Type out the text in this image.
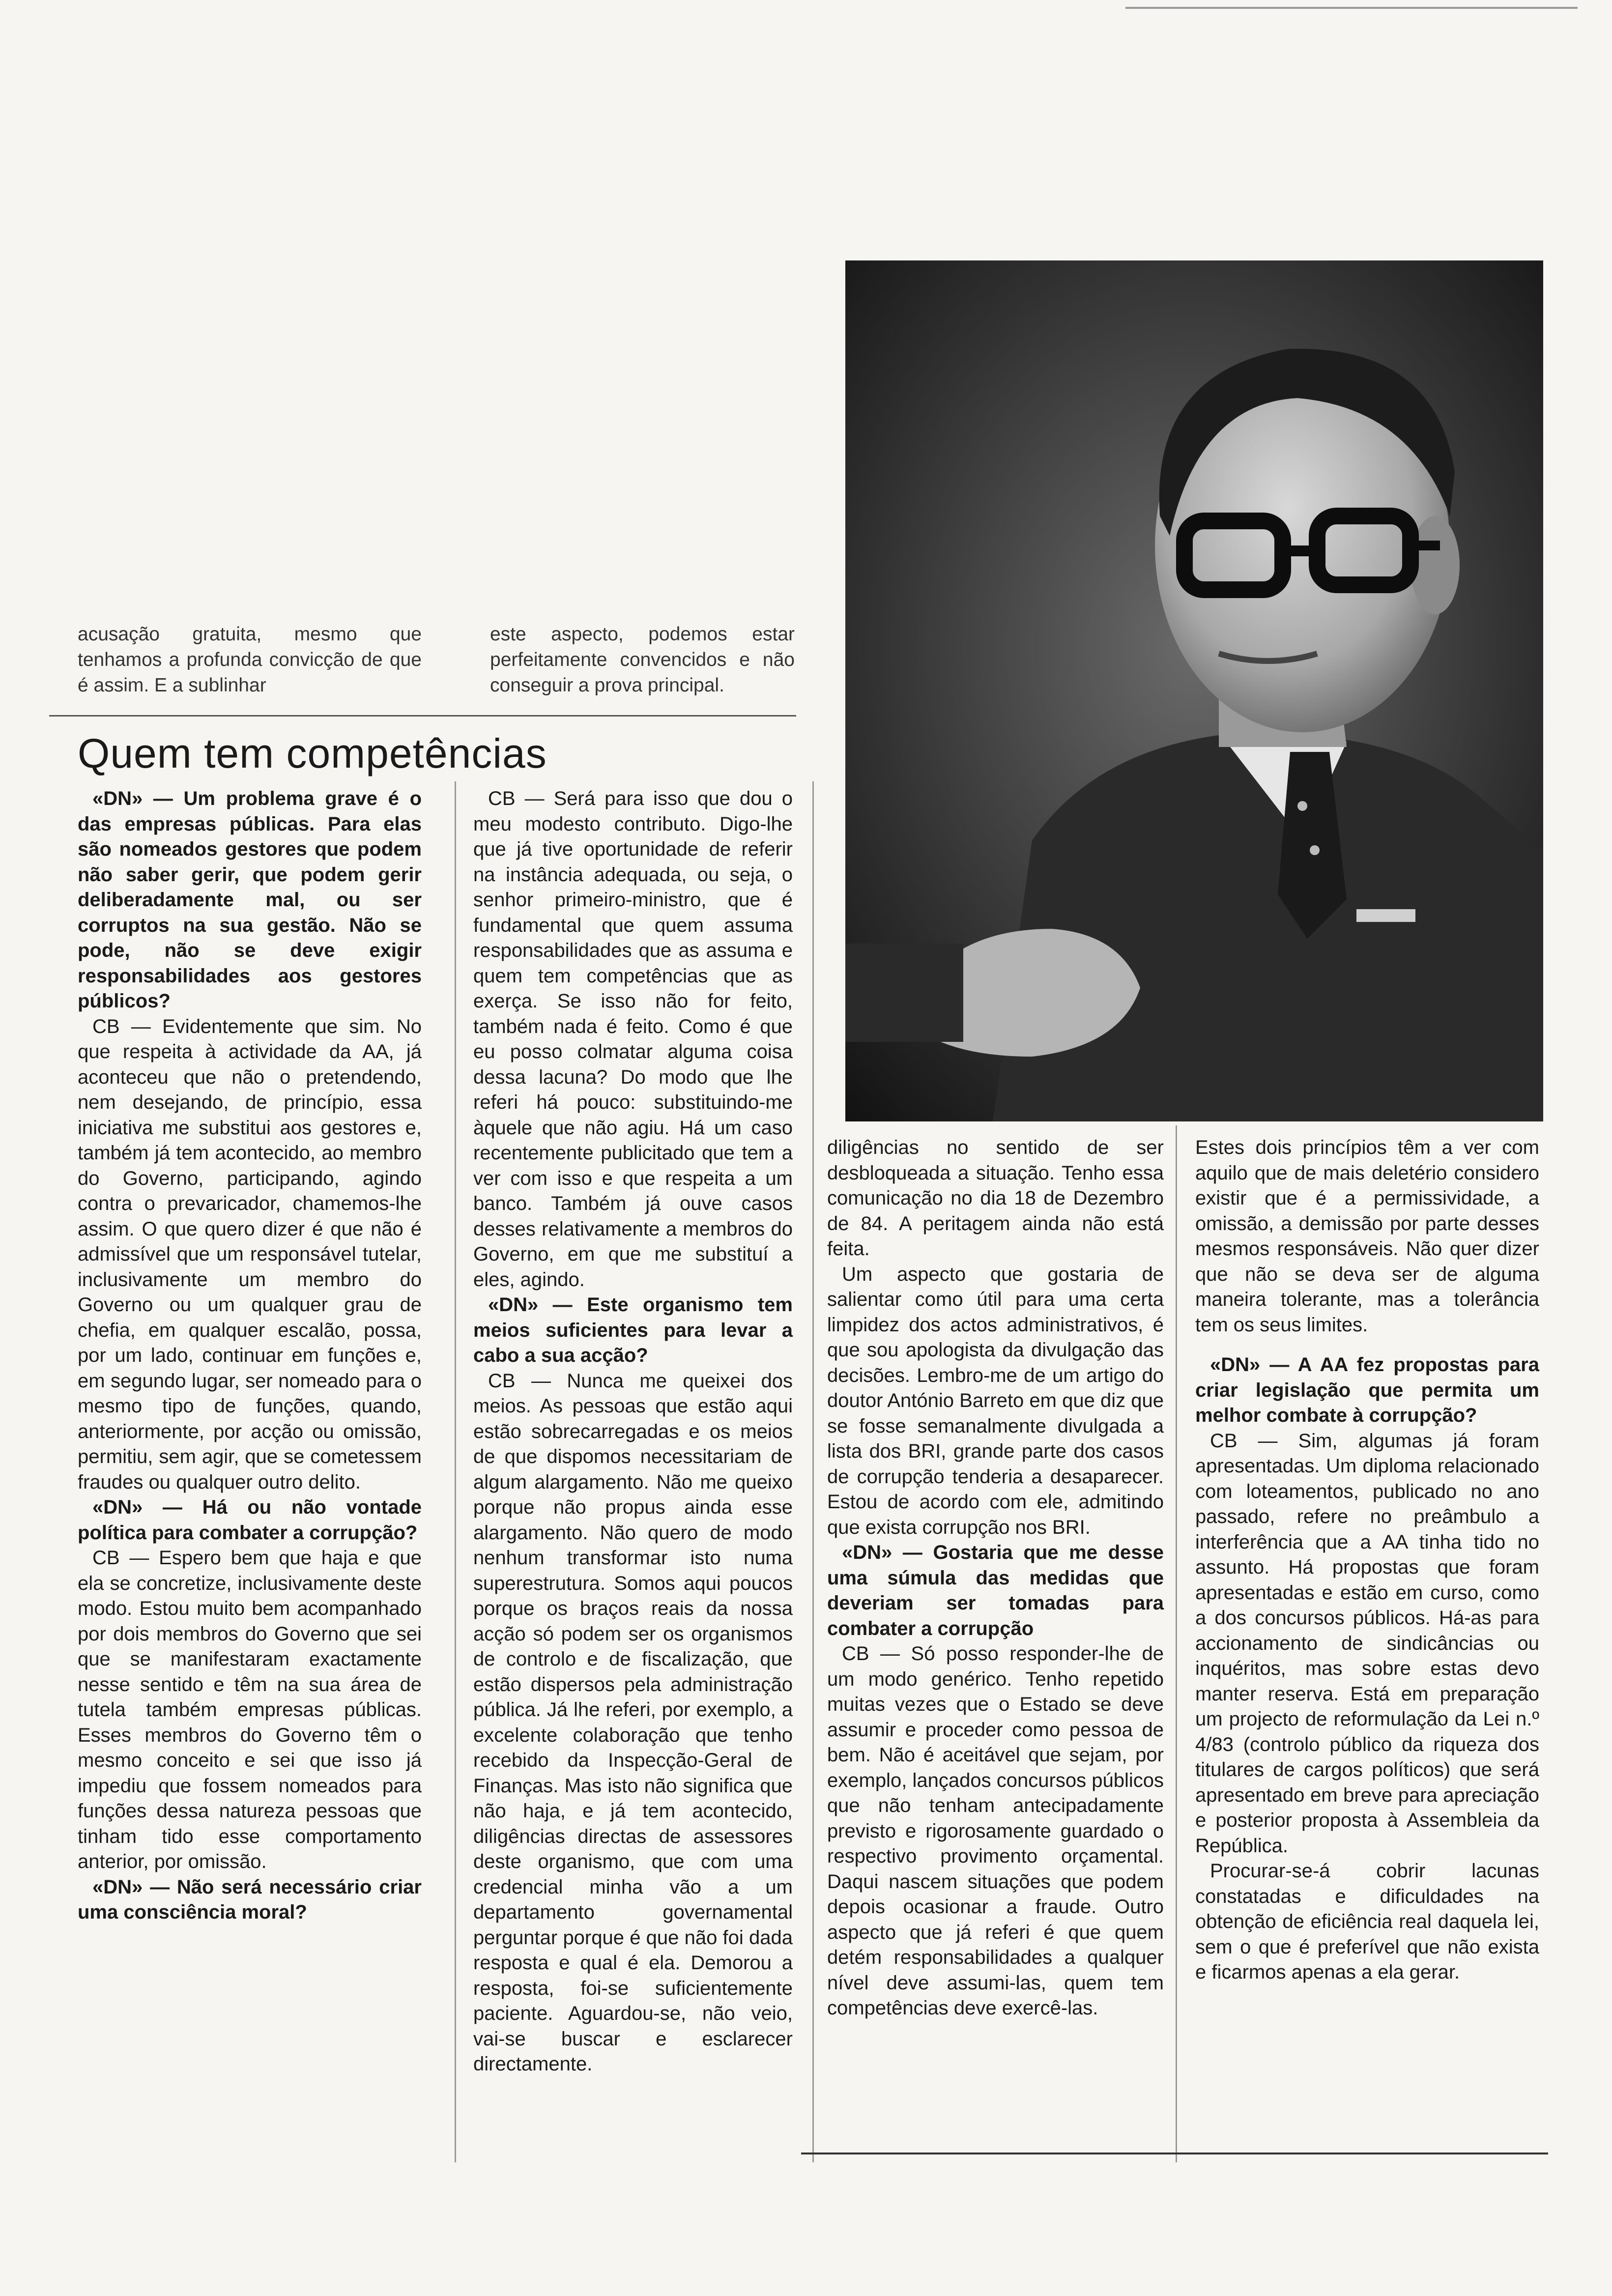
acusação gratuita, mesmo que tenhamos a profunda convicção de que é assim. E a sublinhar

este aspecto, podemos estar perfeitamente convencidos e não conseguir a prova principal.

Quem tem competências

«DN» — Um problema grave é o das empresas públicas. Para elas são nomeados gestores que podem não saber gerir, que podem gerir deliberadamente mal, ou ser corruptos na sua gestão. Não se pode, não se deve exigir responsabilidades aos gestores públicos?

CB — Evidentemente que sim. No que respeita à actividade da AA, já aconteceu que não o pretendendo, nem desejando, de princípio, essa iniciativa me substitui aos gestores e, também já tem acontecido, ao membro do Governo, participando, agindo contra o prevaricador, chamemos-lhe assim. O que quero dizer é que não é admissível que um responsável tutelar, inclusivamente um membro do Governo ou um qualquer grau de chefia, em qualquer escalão, possa, por um lado, continuar em funções e, em segundo lugar, ser nomeado para o mesmo tipo de funções, quando, anteriormente, por acção ou omissão, permitiu, sem agir, que se cometessem fraudes ou qualquer outro delito.

«DN» — Há ou não vontade política para combater a corrupção?

CB — Espero bem que haja e que ela se concretize, inclusivamente deste modo. Estou muito bem acompanhado por dois membros do Governo que sei que se manifestaram exactamente nesse sentido e têm na sua área de tutela também empresas públicas. Esses membros do Governo têm o mesmo conceito e sei que isso já impediu que fossem nomeados para funções dessa natureza pessoas que tinham tido esse comportamento anterior, por omissão.

«DN» — Não será necessário criar uma consciência moral?

CB — Será para isso que dou o meu modesto contributo. Digo-lhe que já tive oportunidade de referir na instância adequada, ou seja, o senhor primeiro-ministro, que é fundamental que quem assuma responsabilidades que as assuma e quem tem competências que as exerça. Se isso não for feito, também nada é feito. Como é que eu posso colmatar alguma coisa dessa lacuna? Do modo que lhe referi há pouco: substituindo-me àquele que não agiu. Há um caso recentemente publicitado que tem a ver com isso e que respeita a um banco. Também já ouve casos desses relativamente a membros do Governo, em que me substituí a eles, agindo.

«DN» — Este organismo tem meios suficientes para levar a cabo a sua acção?

CB — Nunca me queixei dos meios. As pessoas que estão aqui estão sobrecarregadas e os meios de que dispomos necessitariam de algum alargamento. Não me queixo porque não propus ainda esse alargamento. Não quero de modo nenhum transformar isto numa superestrutura. Somos aqui poucos porque os braços reais da nossa acção só podem ser os organismos de controlo e de fiscalização, que estão dispersos pela administração pública. Já lhe referi, por exemplo, a excelente colaboração que tenho recebido da Inspecção-Geral de Finanças. Mas isto não significa que não haja, e já tem acontecido, diligências directas de assessores deste organismo, que com uma credencial minha vão a um departamento governamental perguntar porque é que não foi dada resposta e qual é ela. Demorou a resposta, foi-se suficientemente paciente. Aguardou-se, não veio, vai-se buscar e esclarecer directamente.

diligências no sentido de ser desbloqueada a situação. Tenho essa comunicação no dia 18 de Dezembro de 84. A peritagem ainda não está feita.

Um aspecto que gostaria de salientar como útil para uma certa limpidez dos actos administrativos, é que sou apologista da divulgação das decisões. Lembro-me de um artigo do doutor António Barreto em que diz que se fosse semanalmente divulgada a lista dos BRI, grande parte dos casos de corrupção tenderia a desaparecer. Estou de acordo com ele, admitindo que exista corrupção nos BRI.

«DN» — Gostaria que me desse uma súmula das medidas que deveriam ser tomadas para combater a corrupção

CB — Só posso responder-lhe de um modo genérico. Tenho repetido muitas vezes que o Estado se deve assumir e proceder como pessoa de bem. Não é aceitável que sejam, por exemplo, lançados concursos públicos que não tenham antecipadamente previsto e rigorosamente guardado o respectivo provimento orçamental. Daqui nascem situações que podem depois ocasionar a fraude. Outro aspecto que já referi é que quem detém responsabilidades a qualquer nível deve assumi-las, quem tem competências deve exercê-las.

Estes dois princípios têm a ver com aquilo que de mais deletério considero existir que é a permissividade, a omissão, a demissão por parte desses mesmos responsáveis. Não quer dizer que não se deva ser de alguma maneira tolerante, mas a tolerância tem os seus limites.

«DN» — A AA fez propostas para criar legislação que permita um melhor combate à corrupção?

CB — Sim, algumas já foram apresentadas. Um diploma relacionado com loteamentos, publicado no ano passado, refere no preâmbulo a interferência que a AA tinha tido no assunto. Há propostas que foram apresentadas e estão em curso, como a dos concursos públicos. Há-as para accionamento de sindicâncias ou inquéritos, mas sobre estas devo manter reserva. Está em preparação um projecto de reformulação da Lei n.º 4/83 (controlo público da riqueza dos titulares de cargos políticos) que será apresentado em breve para apreciação e posterior proposta à Assembleia da República.

Procurar-se-á cobrir lacunas constatadas e dificuldades na obtenção de eficiência real daquela lei, sem o que é preferível que não exista e ficarmos apenas a ela gerar.
